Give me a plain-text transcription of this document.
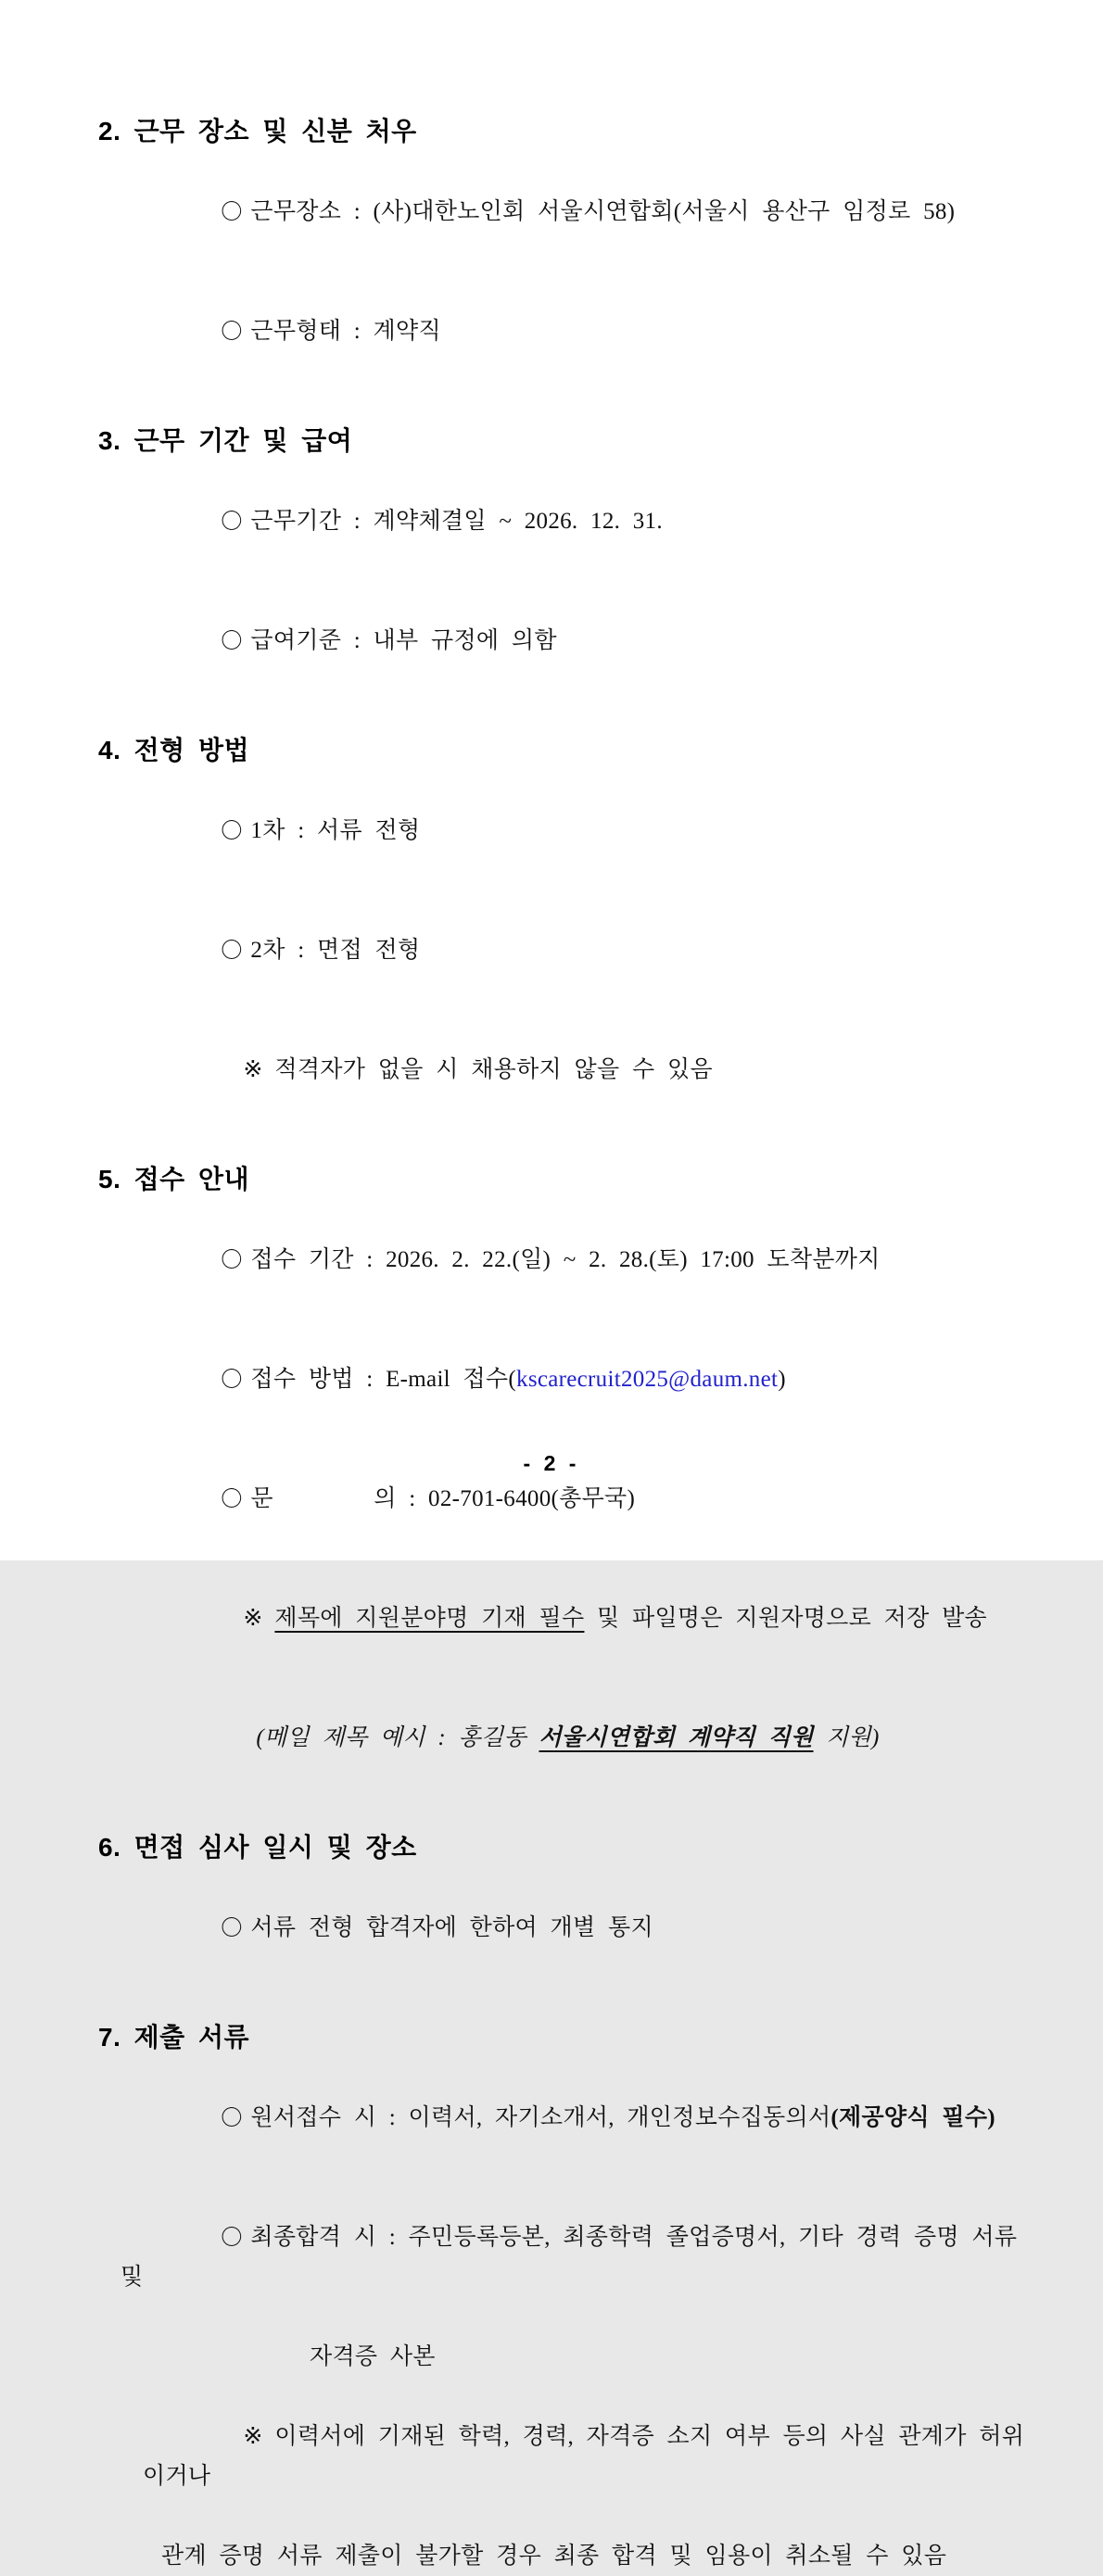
2. 근무 장소 및 신분 처우

〇 근무장소 : (사)대한노인회 서울시연합회(서울시 용산구 임정로 58)

〇 근무형태 : 계약직

3. 근무 기간 및 급여

〇 근무기간 : 계약체결일 ~ 2026. 12. 31.

〇 급여기준 : 내부 규정에 의함

4. 전형 방법

〇 1차 : 서류 전형

〇 2차 : 면접 전형

※ 적격자가 없을 시 채용하지 않을 수 있음

5. 접수 안내

〇 접수 기간 : 2026. 2. 22.(일) ~ 2. 28.(토) 17:00 도착분까지

〇 접수 방법 : E-mail 접수(kscarecruit2025@daum.net)

〇 문        의 : 02-701-6400(총무국)

※ 제목에 지원분야명 기재 필수 및 파일명은 지원자명으로 저장 발송

(메일 제목 예시 : 홍길동 서울시연합회 계약직 직원 지원)

6. 면접 심사 일시 및 장소

〇 서류 전형 합격자에 한하여 개별 통지

7. 제출 서류

〇 원서접수 시 : 이력서, 자기소개서, 개인정보수집동의서(제공양식 필수)

〇 최종합격 시 : 주민등록등본, 최종학력 졸업증명서, 기타 경력 증명 서류 및

자격증 사본

※ 이력서에 기재된 학력, 경력, 자격증 소지 여부 등의 사실 관계가 허위이거나

관계 증명 서류 제출이 불가할 경우 최종 합격 및 임용이 취소될 수 있음
- 2 -
